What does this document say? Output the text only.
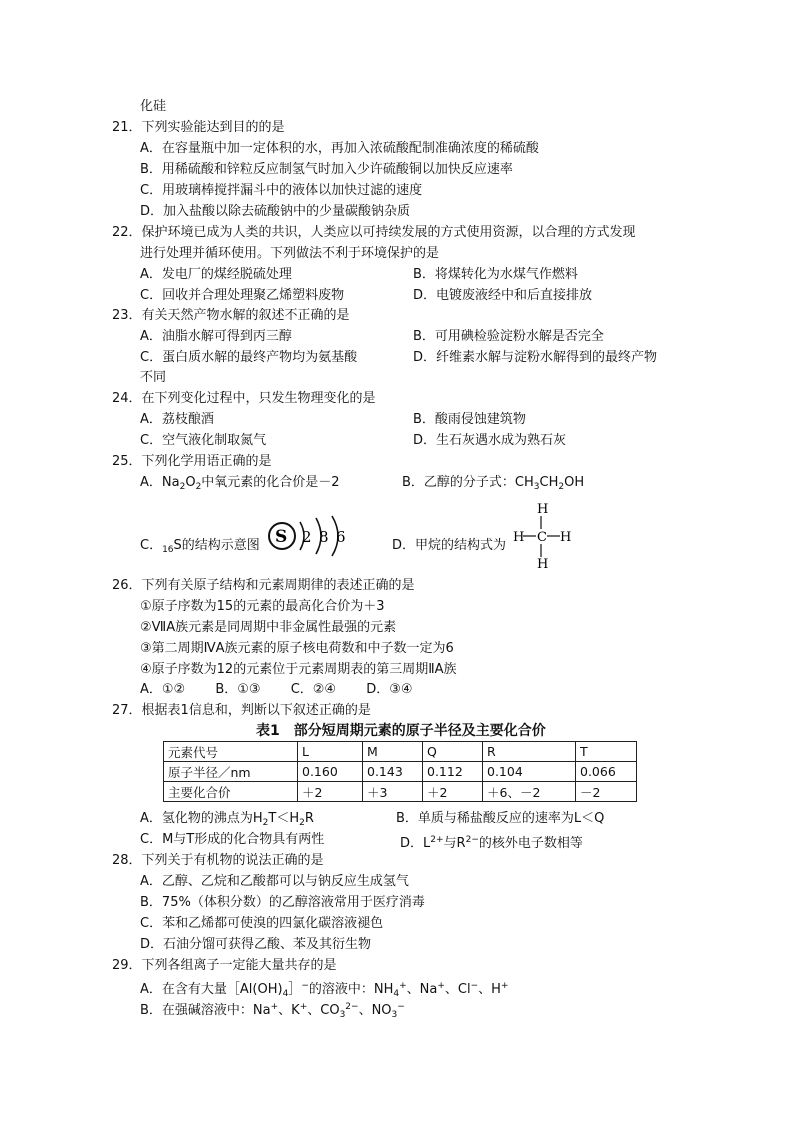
化硅
21．下列实验能达到目的的是
A．在容量瓶中加一定体积的水，再加入浓硫酸配制准确浓度的稀硫酸
B．用稀硫酸和锌粒反应制氢气时加入少许硫酸铜以加快反应速率
C．用玻璃棒搅拌漏斗中的液体以加快过滤的速度
D．加入盐酸以除去硫酸钠中的少量碳酸钠杂质
22．保护环境已成为人类的共识，人类应以可持续发展的方式使用资源，以合理的方式发现
进行处理并循环使用。下列做法不利于环境保护的是
A．发电厂的煤经脱硫处理	B．将煤转化为水煤气作燃料
C．回收并合理处理聚乙烯塑料废物	D．电镀废液经中和后直接排放
23．有关天然产物水解的叙述不正确的是
A．油脂水解可得到丙三醇	B．可用碘检验淀粉水解是否完全
C．蛋白质水解的最终产物均为氨基酸	D．纤维素水解与淀粉水解得到的最终产物
不同
24．在下列变化过程中，只发生物理变化的是
A．荔枝酿酒	B．酸雨侵蚀建筑物
C．空气液化制取氮气	D．生石灰遇水成为熟石灰
25．下列化学用语正确的是
A．$Na_2O_2$中氧元素的化合价是－2	B．乙醇的分子式：$CH_3CH_2OH$
C．$_{16}$S的结构示意图 S 2 8 6	D．甲烷的结构式为
H
C
H
H	H
26．下列有关原子结构和元素周期律的表述正确的是
①原子序数为15的元素的最高化合价为＋3
②ⅦA族元素是同周期中非金属性最强的元素
③第二周期ⅣA族元素的原子核电荷数和中子数一定为6
④原子序数为12的元素位于元素周期表的第三周期ⅡA族
A．①②　　 B．①③　　 C．②④　　 D．③④
27．根据表1信息和，判断以下叙述正确的是
表1　部分短周期元素的原子半径及主要化合价
元素代号	L	M	Q	R	T
原子半径／nm	0.160	0.143	0.112	0.104	0.066
主要化合价	＋2	＋3	＋2	＋6、－2	－2
A．氢化物的沸点为$H_2T<H_2R$	B．单质与稀盐酸反应的速率为L＜Q
C．M与T形成的化合物具有两性	D．$L^{2+}$与$R^{2-}$的核外电子数相等
28．下列关于有机物的说法正确的是
A．乙醇、乙烷和乙酸都可以与钠反应生成氢气
B．75%（体积分数）的乙醇溶液常用于医疗消毒
C．苯和乙烯都可使溴的四氯化碳溶液褪色
D．石油分馏可获得乙酸、苯及其衍生物
29．下列各组离子一定能大量共存的是
A．在含有大量$[Al(OH)_4]^-$的溶液中：$NH_4^+$、Na+、Cl−、H+
B．在强碱溶液中：Na+、K+、$CO_3^{2-}$、$NO_3^-$
